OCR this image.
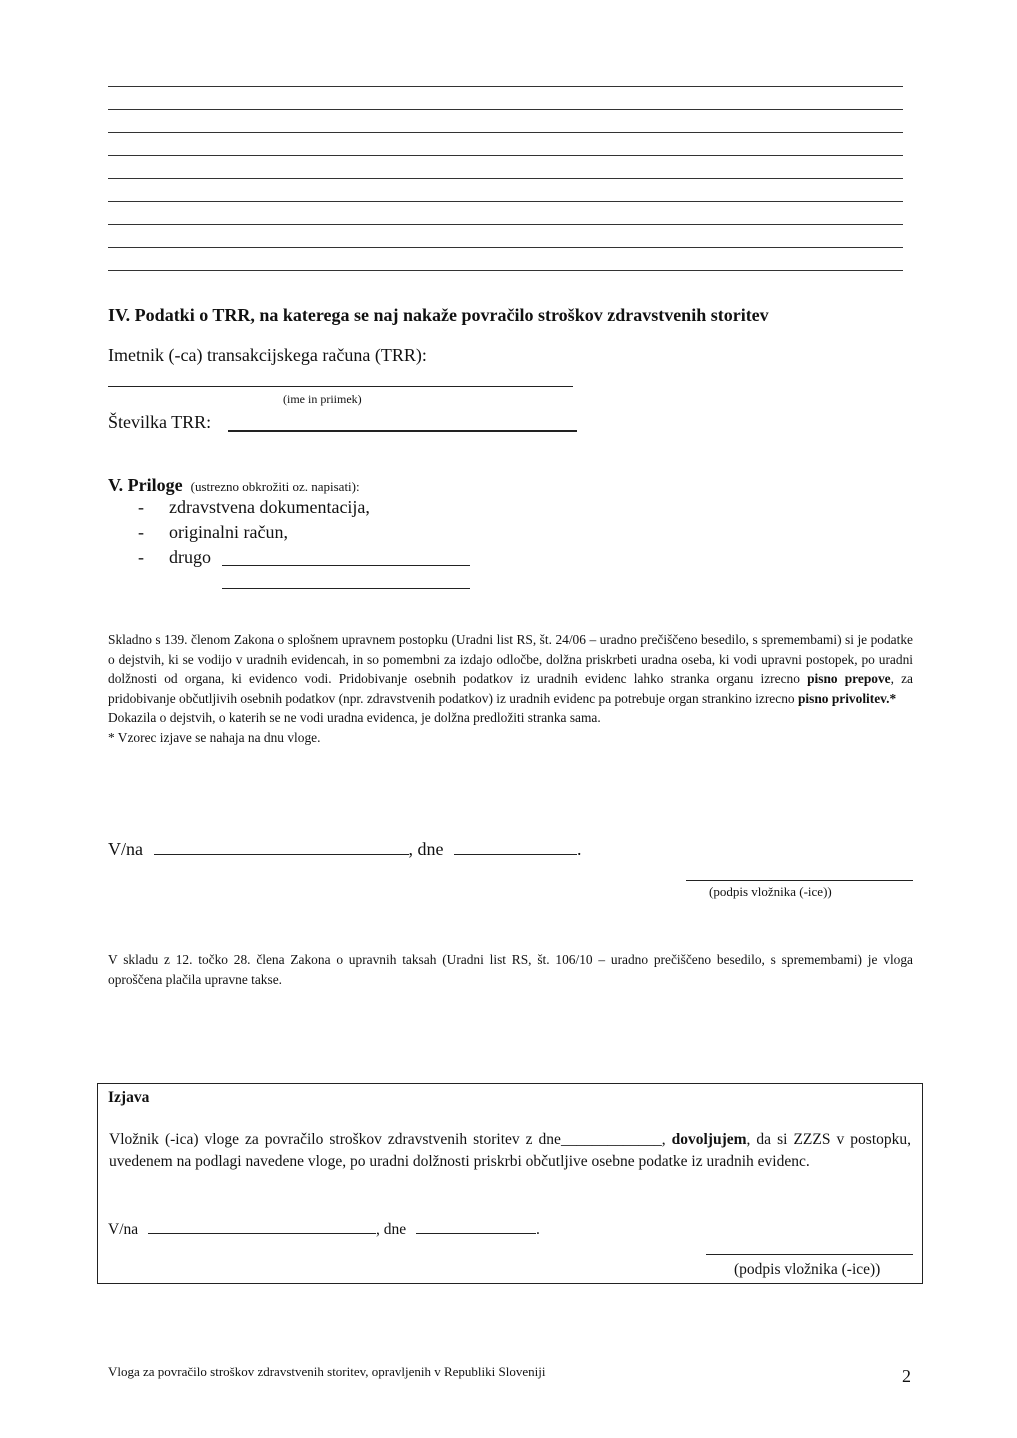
IV. Podatki o TRR, na katerega se naj nakaže povračilo stroškov zdravstvenih storitev
Imetnik (-ca) transakcijskega računa (TRR):
(ime in priimek)
Številka TRR:
V. Priloge (ustrezno obkrožiti oz. napisati):
-	zdravstvena dokumentacija,
-	originalni račun,
-	drugo
Skladno s 139. členom Zakona o splošnem upravnem postopku (Uradni list RS, št. 24/06 – uradno prečiščeno besedilo, s spremembami) si je podatke o dejstvih, ki se vodijo v uradnih evidencah, in so pomembni za izdajo odločbe, dolžna priskrbeti uradna oseba, ki vodi upravni postopek, po uradni dolžnosti od organa, ki evidenco vodi. Pridobivanje osebnih podatkov iz uradnih evidenc lahko stranka organu izrecno pisno prepove, za pridobivanje občutljivih osebnih podatkov (npr. zdravstvenih podatkov) iz uradnih evidenc pa potrebuje organ strankino izrecno pisno privolitev.*
Dokazila o dejstvih, o katerih se ne vodi uradna evidenca, je dolžna predložiti stranka sama.
* Vzorec izjave se nahaja na dnu vloge.
V/na	, dne	.
(podpis vložnika (-ice))
V skladu z 12. točko 28. člena Zakona o upravnih taksah (Uradni list RS, št. 106/10 – uradno prečiščeno besedilo, s spremembami) je vloga oproščena plačila upravne takse.
Izjava
Vložnik (-ica) vloge za povračilo stroškov zdravstvenih storitev z dne_____________, dovoljujem, da si ZZZS v postopku, uvedenem na podlagi navedene vloge, po uradni dolžnosti priskrbi občutljive osebne podatke iz uradnih evidenc.
V/na	, dne	.
(podpis vložnika (-ice))
Vloga za povračilo stroškov zdravstvenih storitev, opravljenih v Republiki Sloveniji	2
